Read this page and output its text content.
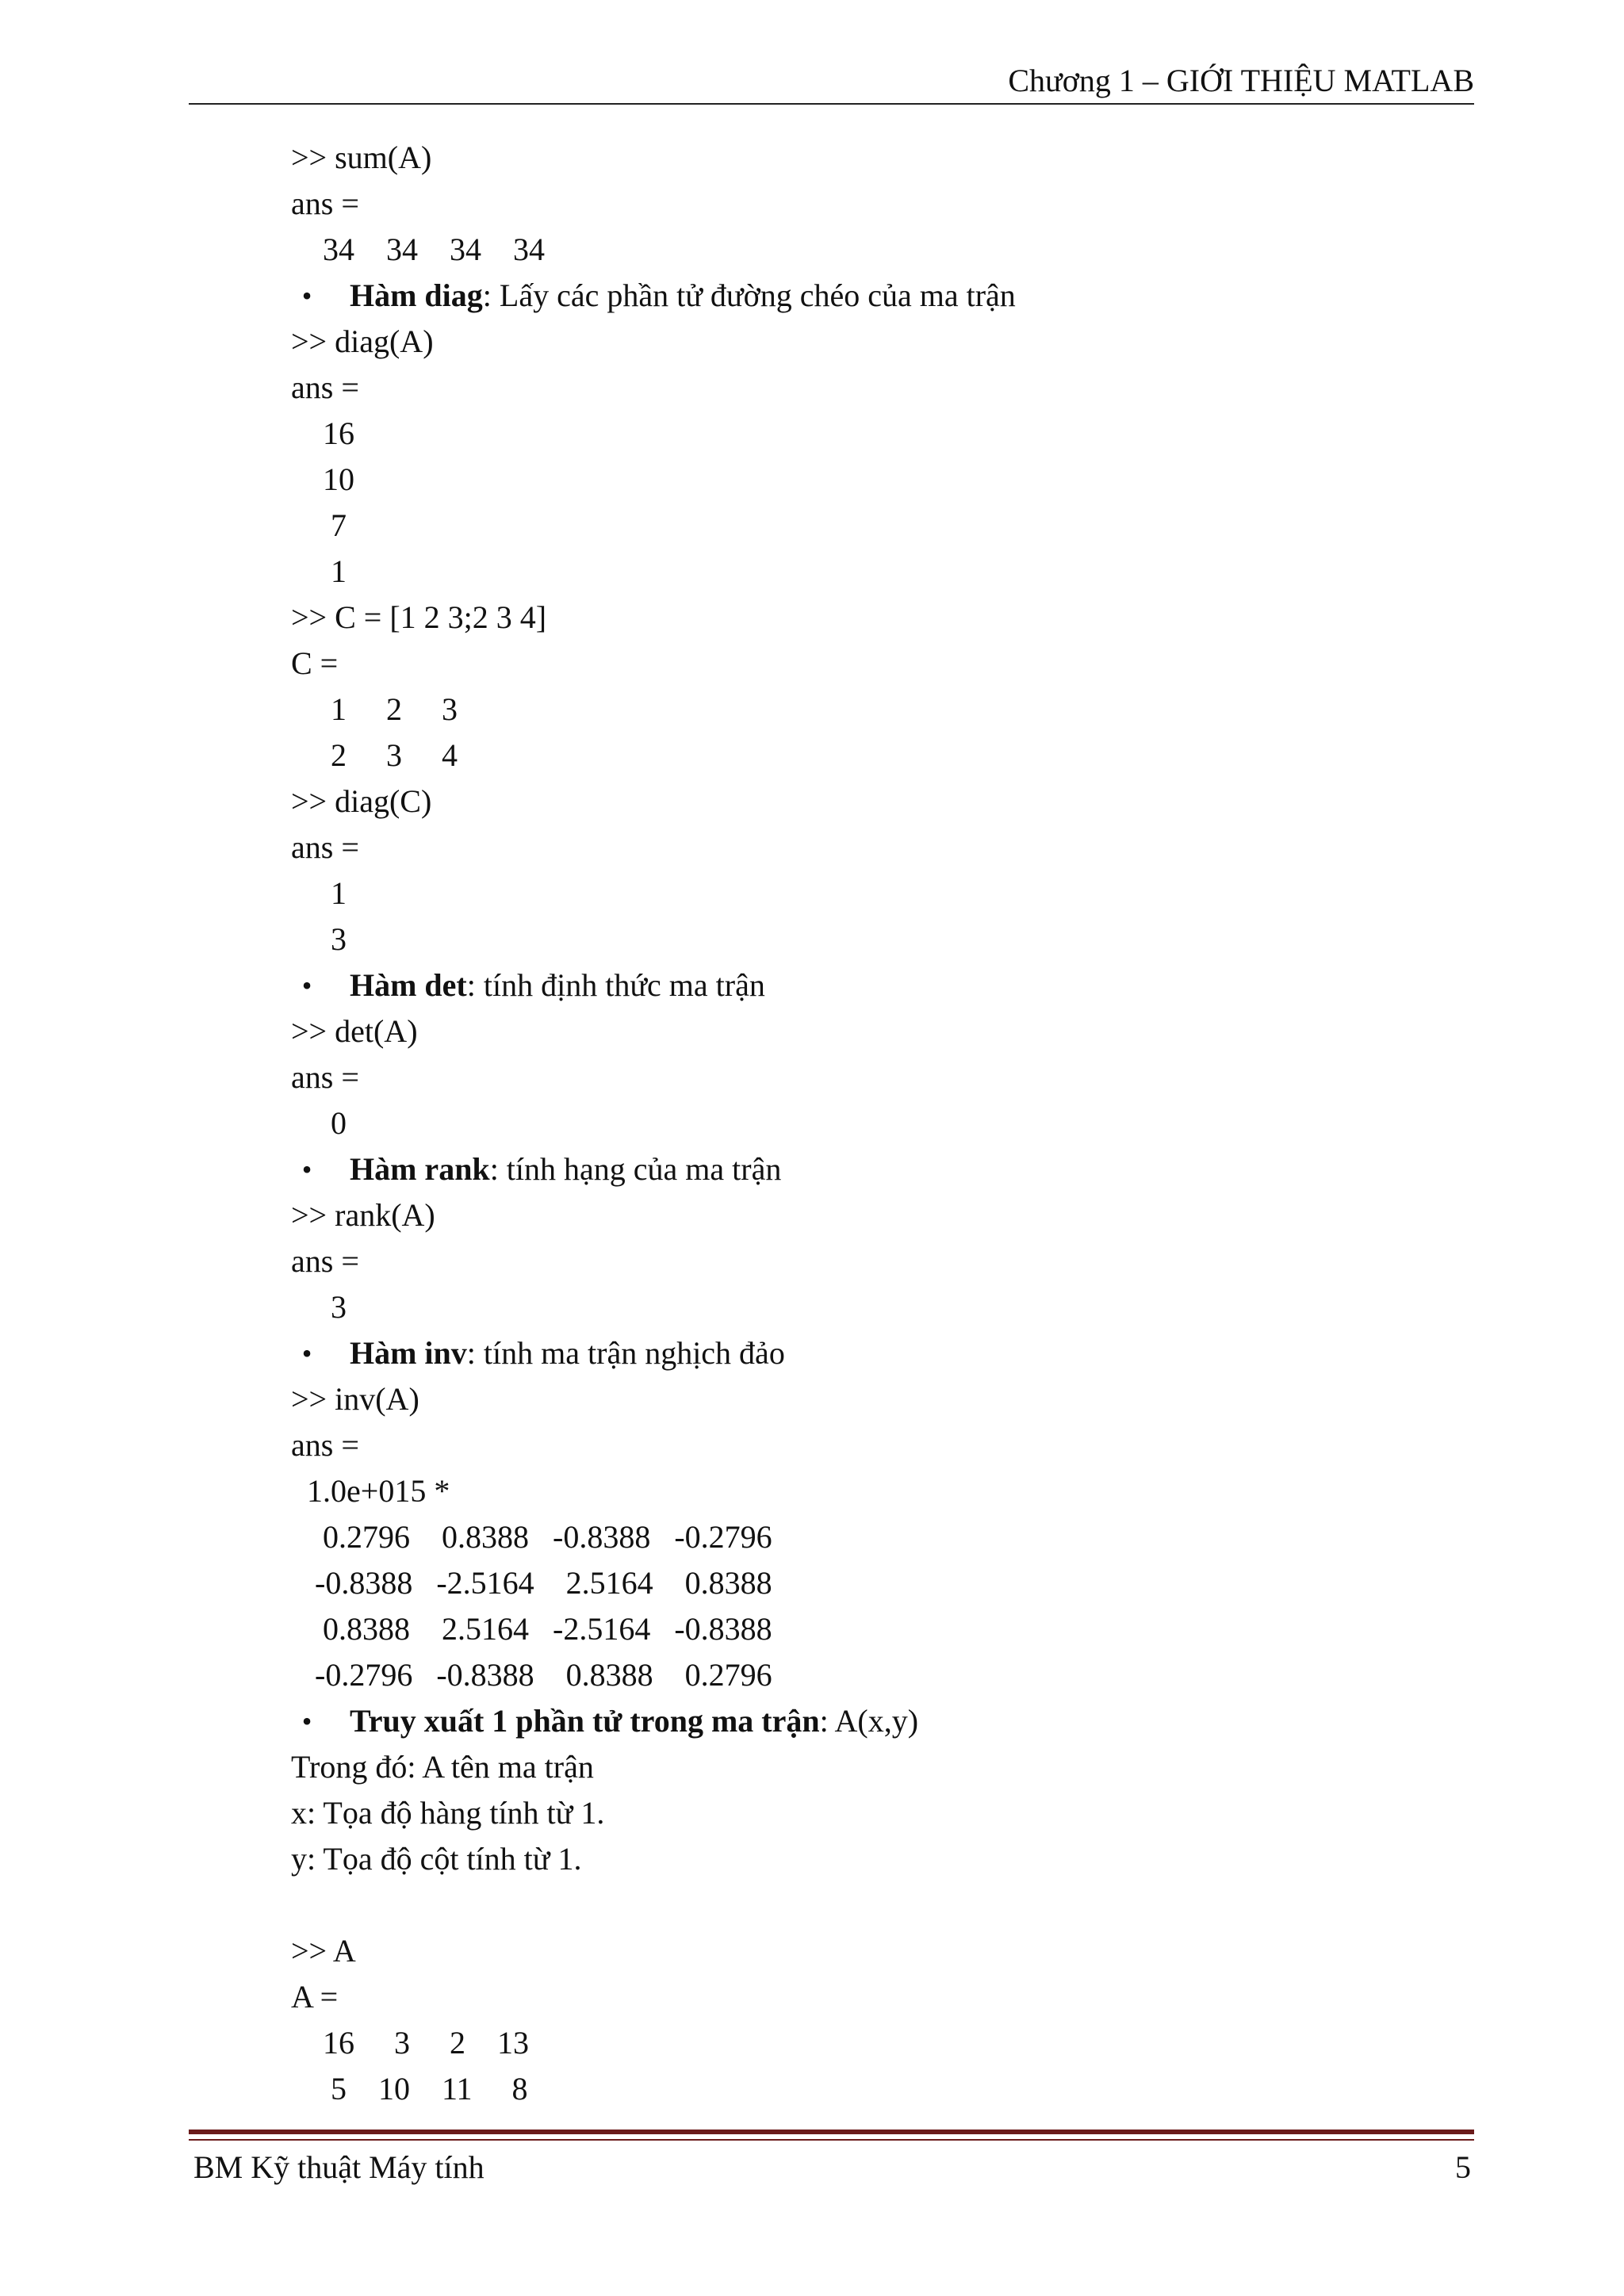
Chương 1 – GIỚI THIỆU MATLAB
>> sum(A)
ans =
34    34    34    34

•

	Hàm diag: Lấy các phần tử đường chéo của ma trận

>> diag(A)
ans =
16
10
7
1
>> C = [1 2 3;2 3 4]
C =
1     2     3
2     3     4
>> diag(C)
ans =
1
3

•

	Hàm det: tính định thức ma trận

>> det(A)
ans =
0

•

	Hàm rank: tính hạng của ma trận

>> rank(A)
ans =
3

•

	Hàm inv: tính ma trận nghịch đảo

>> inv(A)
ans =
1.0e+015 *
0.2796    0.8388   -0.8388   -0.2796
-0.8388   -2.5164    2.5164    0.8388
0.8388    2.5164   -2.5164   -0.8388
-0.2796   -0.8388    0.8388    0.2796

•

	Truy xuất 1 phần tử trong ma trận: A(x,y)

Trong đó: A tên ma trận
x: Tọa độ hàng tính từ 1.
y: Tọa độ cột tính từ 1.
>> A
A =
16     3     2    13
5    10    11     8
BM Kỹ thuật Máy tính	5
